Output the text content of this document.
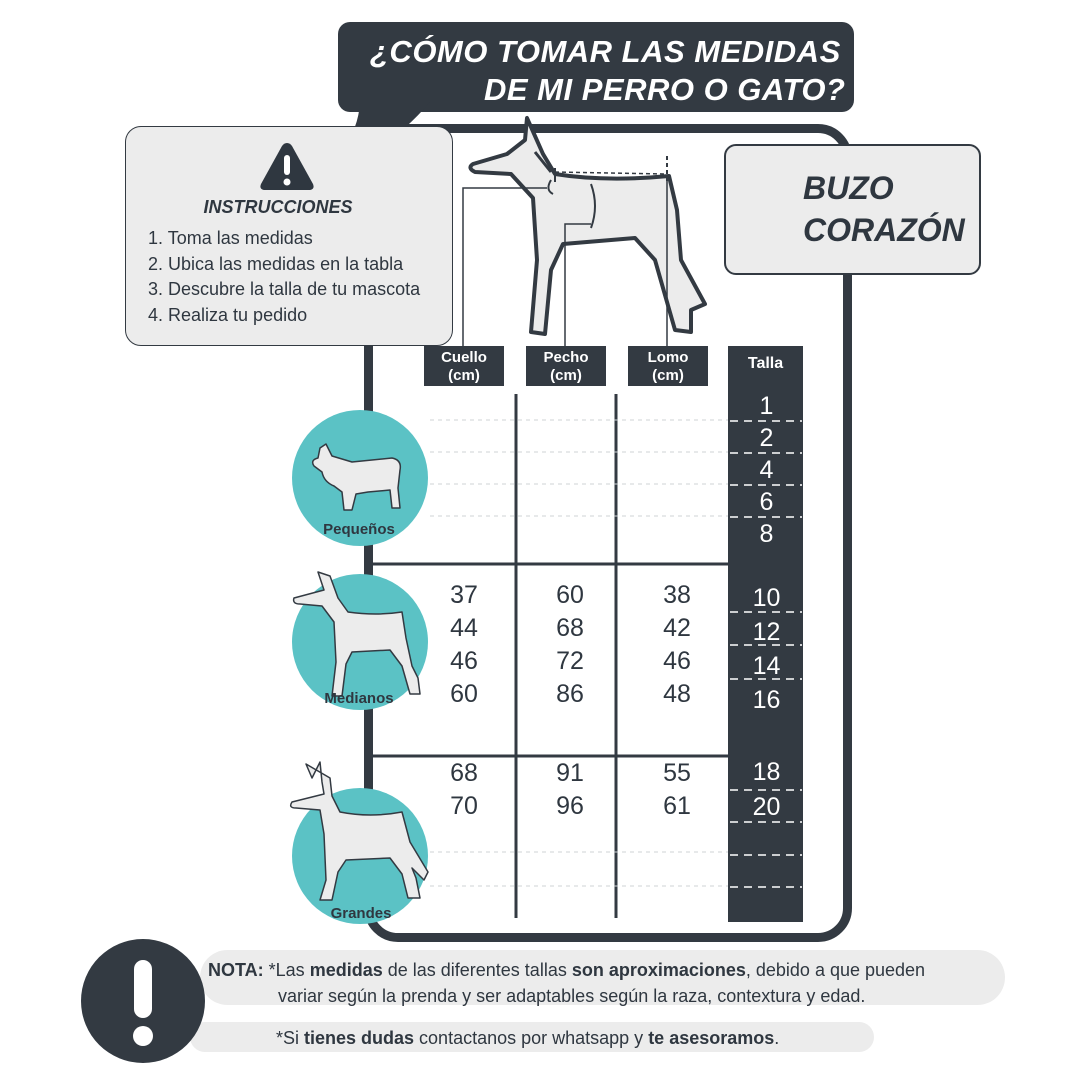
¿CÓMO TOMAR LAS MEDIDAS
DE MI PERRO O GATO?
INSTRUCCIONES
1. Toma las medidas
2. Ubica las medidas en la tabla
3. Descubre la talla de tu mascota
4. Realiza tu pedido
BUZO
CORAZÓN
Cuello
(cm)
Pecho
(cm)
Lomo
(cm)
Talla
1
2
4
6
8
10
12
14
16
18
20
37
44
46
60
60
68
72
86
38
42
46
48
68
70
91
96
55
61
Pequeños
Medianos
Grandes
NOTA: *Las medidas de las diferentes tallas son aproximaciones, debido a que pueden
variar según la prenda y ser adaptables según la raza, contextura y edad.
*Si tienes dudas contactanos por whatsapp y te asesoramos.
